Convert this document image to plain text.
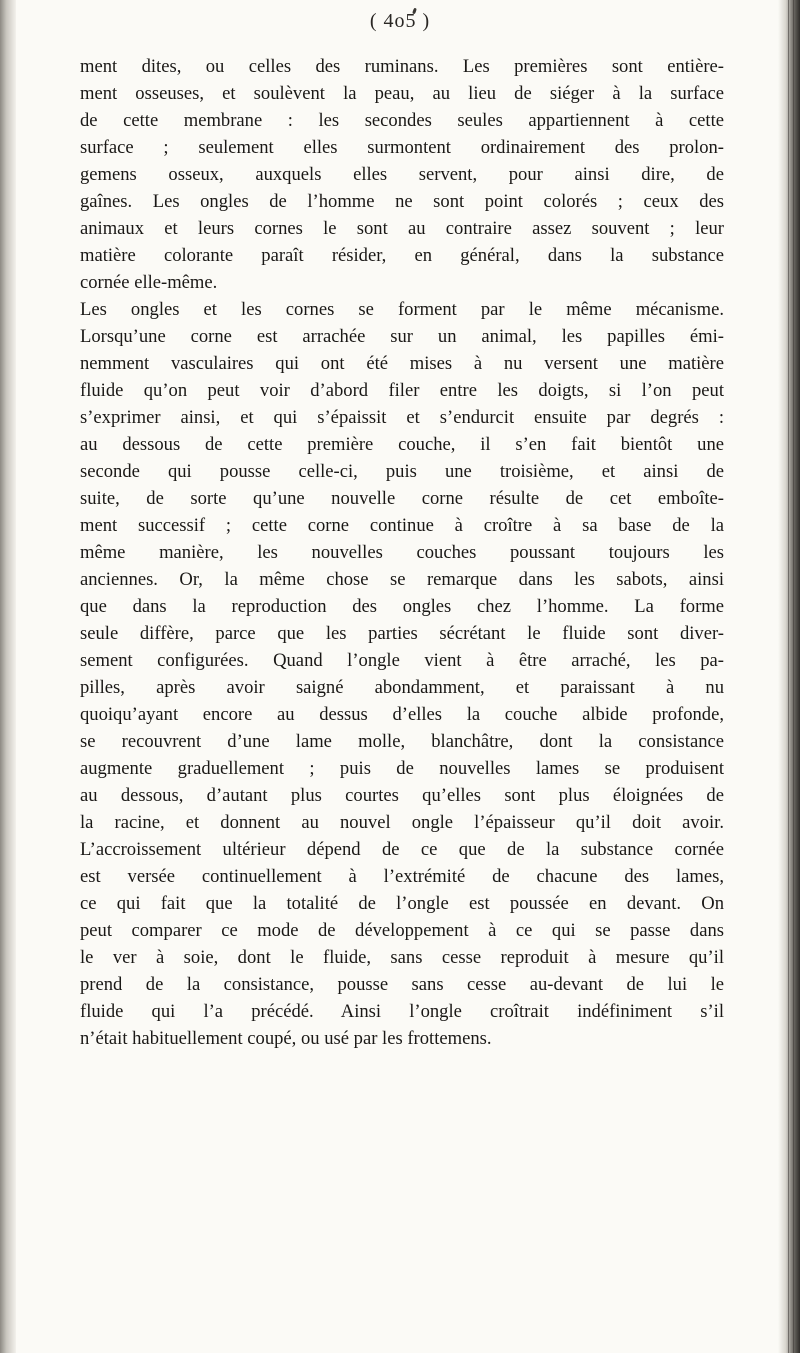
( 4o5 )
ment dites, ou celles des ruminans. Les premières sont entière-
ment osseuses, et soulèvent la peau, au lieu de siéger à la surface
de cette membrane : les secondes seules appartiennent à cette
surface ; seulement elles surmontent ordinairement des prolon-
gemens osseux, auxquels elles servent, pour ainsi dire, de
gaînes. Les ongles de l’homme ne sont point colorés ; ceux des
animaux et leurs cornes le sont au contraire assez souvent ; leur
matière colorante paraît résider, en général, dans la substance
cornée elle-même.
Les ongles et les cornes se forment par le même mécanisme.
Lorsqu’une corne est arrachée sur un animal, les papilles émi-
nemment vasculaires qui ont été mises à nu versent une matière
fluide qu’on peut voir d’abord filer entre les doigts, si l’on peut
s’exprimer ainsi, et qui s’épaissit et s’endurcit ensuite par degrés :
au dessous de cette première couche, il s’en fait bientôt une
seconde qui pousse celle-ci, puis une troisième, et ainsi de
suite, de sorte qu’une nouvelle corne résulte de cet emboîte-
ment successif ; cette corne continue à croître à sa base de la
même manière, les nouvelles couches poussant toujours les
anciennes. Or, la même chose se remarque dans les sabots, ainsi
que dans la reproduction des ongles chez l’homme. La forme
seule diffère, parce que les parties sécrétant le fluide sont diver-
sement configurées. Quand l’ongle vient à être arraché, les pa-
pilles, après avoir saigné abondamment, et paraissant à nu
quoiqu’ayant encore au dessus d’elles la couche albide profonde,
se recouvrent d’une lame molle, blanchâtre, dont la consistance
augmente graduellement ; puis de nouvelles lames se produisent
au dessous, d’autant plus courtes qu’elles sont plus éloignées de
la racine, et donnent au nouvel ongle l’épaisseur qu’il doit avoir.
L’accroissement ultérieur dépend de ce que de la substance cornée
est versée continuellement à l’extrémité de chacune des lames,
ce qui fait que la totalité de l’ongle est poussée en devant. On
peut comparer ce mode de développement à ce qui se passe dans
le ver à soie, dont le fluide, sans cesse reproduit à mesure qu’il
prend de la consistance, pousse sans cesse au-devant de lui le
fluide qui l’a précédé. Ainsi l’ongle croîtrait indéfiniment s’il
n’était habituellement coupé, ou usé par les frottemens.
